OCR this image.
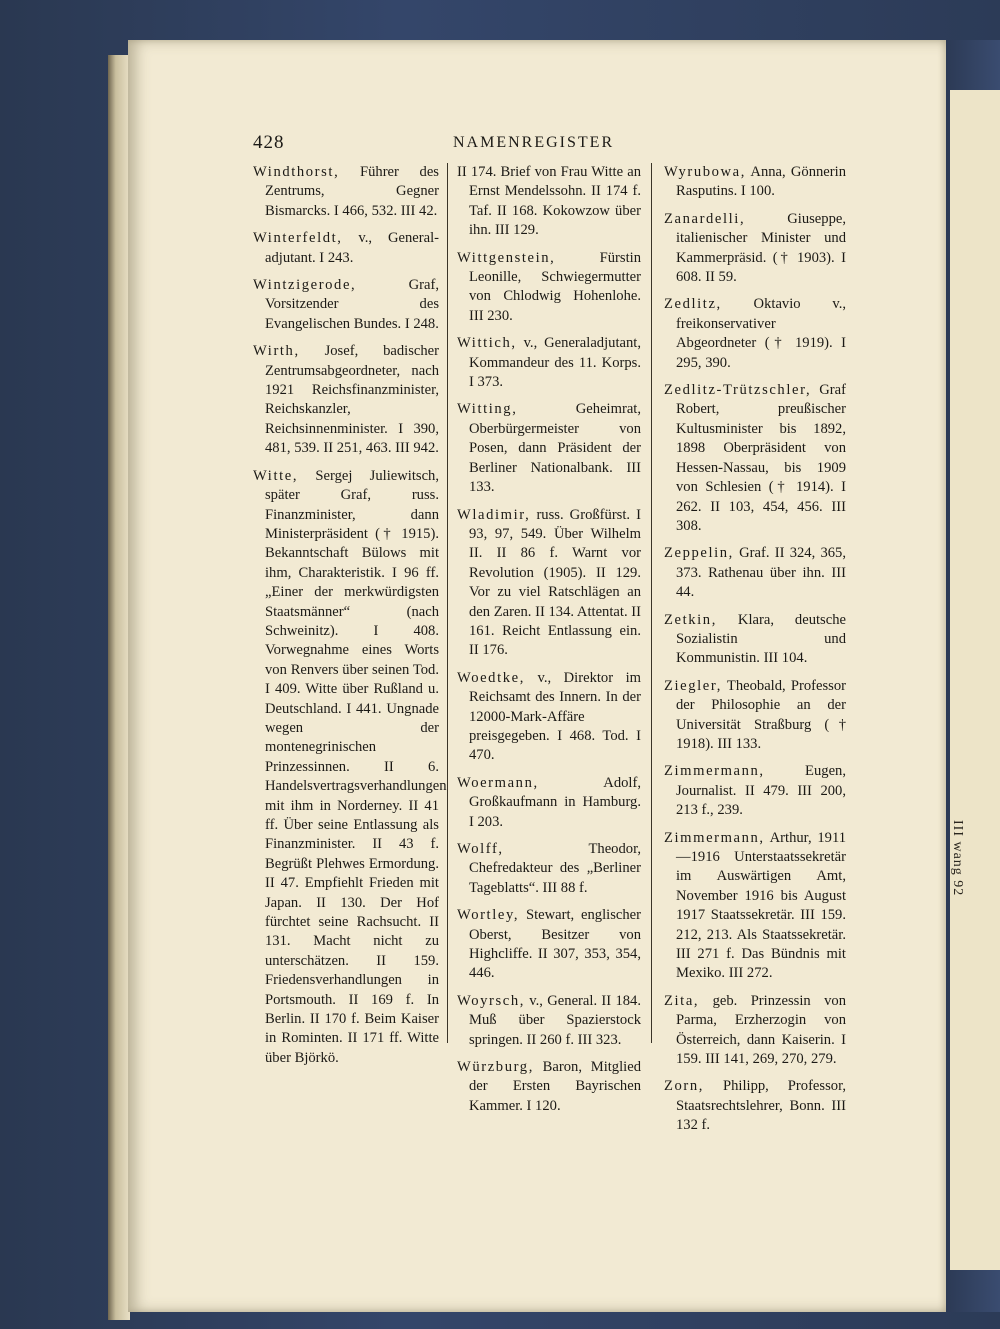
III wang 92
428	NAMENREGISTER

Windthorst, Führer des Zentrums, Gegner Bismarcks. I 466, 532. III 42.

Winterfeldt, v., General-adjutant. I 243.

Wintzigerode, Graf, Vorsitzender des Evangelischen Bundes. I 248.

Wirth, Josef, badischer Zentrumsabgeordneter, nach 1921 Reichsfinanzminister, Reichskanzler, Reichsinnenminister. I 390, 481, 539. II 251, 463. III 942.

Witte, Sergej Juliewitsch, später Graf, russ. Finanzminister, dann Ministerpräsident († 1915). Bekanntschaft Bülows mit ihm, Charakteristik. I 96 ff. „Einer der merkwürdigsten Staatsmänner“ (nach Schweinitz). I 408. Vorwegnahme eines Worts von Renvers über seinen Tod. I 409. Witte über Rußland u. Deutschland. I 441. Ungnade wegen der montenegrinischen Prinzessinnen. II 6. Handelsvertragsverhandlungen mit ihm in Norderney. II 41 ff. Über seine Entlassung als Finanzminister. II 43 f. Begrüßt Plehwes Ermordung. II 47. Empfiehlt Frieden mit Japan. II 130. Der Hof fürchtet seine Rachsucht. II 131. Macht nicht zu unterschätzen. II 159. Friedensverhandlungen in Portsmouth. II 169 f. In Berlin. II 170 f. Beim Kaiser in Rominten. II 171 ff. Witte über Björkö.

II 174. Brief von Frau Witte an Ernst Mendelssohn. II 174 f. Taf. II 168. Kokowzow über ihn. III 129.

Wittgenstein, Fürstin Leonille, Schwiegermutter von Chlodwig Hohenlohe. III 230.

Wittich, v., Generaladjutant, Kommandeur des 11. Korps. I 373.

Witting, Geheimrat, Oberbürgermeister von Posen, dann Präsident der Berliner Nationalbank. III 133.

Wladimir, russ. Großfürst. I 93, 97, 549. Über Wilhelm II. II 86 f. Warnt vor Revolution (1905). II 129. Vor zu viel Ratschlägen an den Zaren. II 134. Attentat. II 161. Reicht Entlassung ein. II 176.

Woedtke, v., Direktor im Reichsamt des Innern. In der 12000-Mark-Affäre preisgegeben. I 468. Tod. I 470.

Woermann, Adolf, Großkaufmann in Hamburg. I 203.

Wolff, Theodor, Chefredakteur des „Berliner Tageblatts“. III 88 f.

Wortley, Stewart, englischer Oberst, Besitzer von Highcliffe. II 307, 353, 354, 446.

Woyrsch, v., General. II 184. Muß über Spazierstock springen. II 260 f. III 323.

Würzburg, Baron, Mitglied der Ersten Bayrischen Kammer. I 120.

Wyrubowa, Anna, Gönnerin Rasputins. I 100.

Zanardelli, Giuseppe, italienischer Minister und Kammerpräsid. († 1903). I 608. II 59.

Zedlitz, Oktavio v., freikonservativer Abgeordneter († 1919). I 295, 390.

Zedlitz-Trützschler, Graf Robert, preußischer Kultusminister bis 1892, 1898 Oberpräsident von Hessen-Nassau, bis 1909 von Schlesien († 1914). I 262. II 103, 454, 456. III 308.

Zeppelin, Graf. II 324, 365, 373. Rathenau über ihn. III 44.

Zetkin, Klara, deutsche Sozialistin und Kommunistin. III 104.

Ziegler, Theobald, Professor der Philosophie an der Universität Straßburg († 1918). III 133.

Zimmermann, Eugen, Journalist. II 479. III 200, 213 f., 239.

Zimmermann, Arthur, 1911—1916 Unterstaatssekretär im Auswärtigen Amt, November 1916 bis August 1917 Staatssekretär. III 159. 212, 213. Als Staatssekretär. III 271 f. Das Bündnis mit Mexiko. III 272.

Zita, geb. Prinzessin von Parma, Erzherzogin von Österreich, dann Kaiserin. I 159. III 141, 269, 270, 279.

Zorn, Philipp, Professor, Staatsrechtslehrer, Bonn. III 132 f.
